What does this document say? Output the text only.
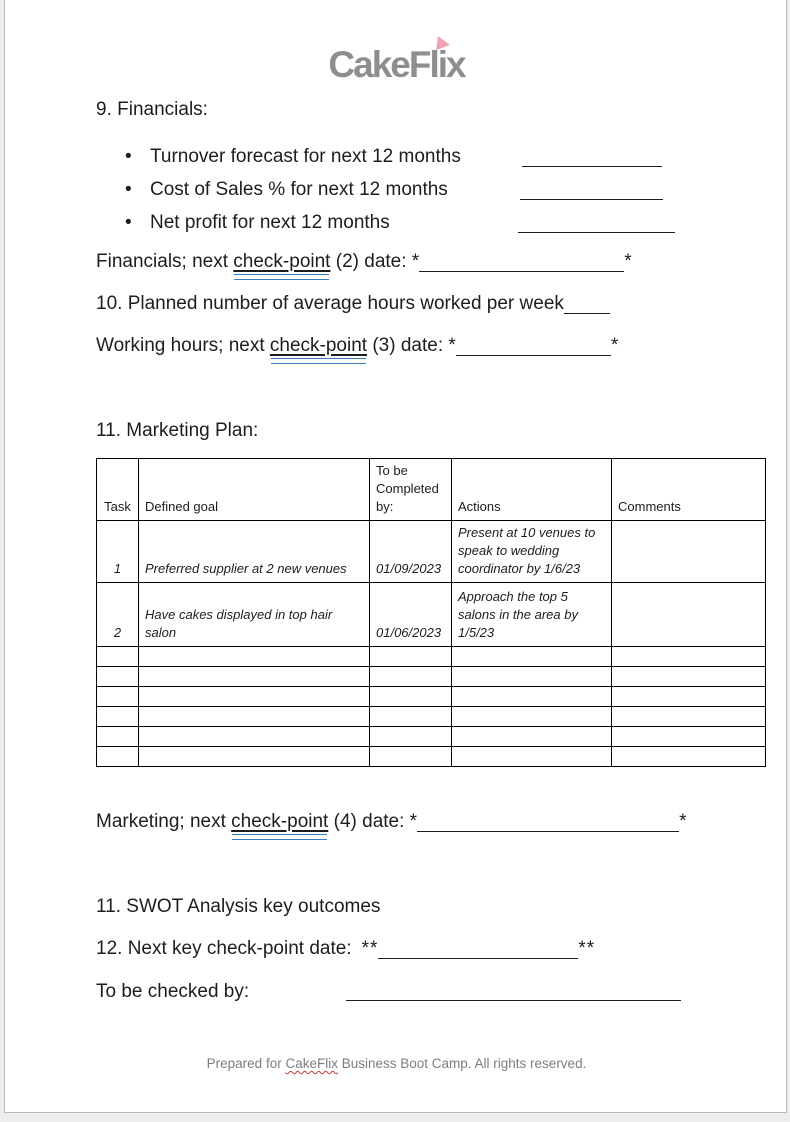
CakeFl
ix
9. Financials:
• Turnover forecast for next 12 months
• Cost of Sales % for next 12 months
• Net profit for next 12 months
Financials; next check-point (2) date: *	*
10. Planned number of average hours worked per week
Working hours; next check-point (3) date: *	*
11. Marketing Plan:
Task	Defined goal	To be Completed by:	Actions	Comments
1	Preferred supplier at 2 new venues	01/09/2023	Present at 10 venues to speak to wedding coordinator by 1/6/23	
2	Have cakes displayed in top hair salon	01/06/2023	Approach the top 5 salons in the area by 1/5/23	

Marketing; next check-point (4) date: *	*
11. SWOT Analysis key outcomes
12. Next key check-point date: **	**
To be checked by:
Prepared for CakeFlix Business Boot Camp. All rights reserved.
